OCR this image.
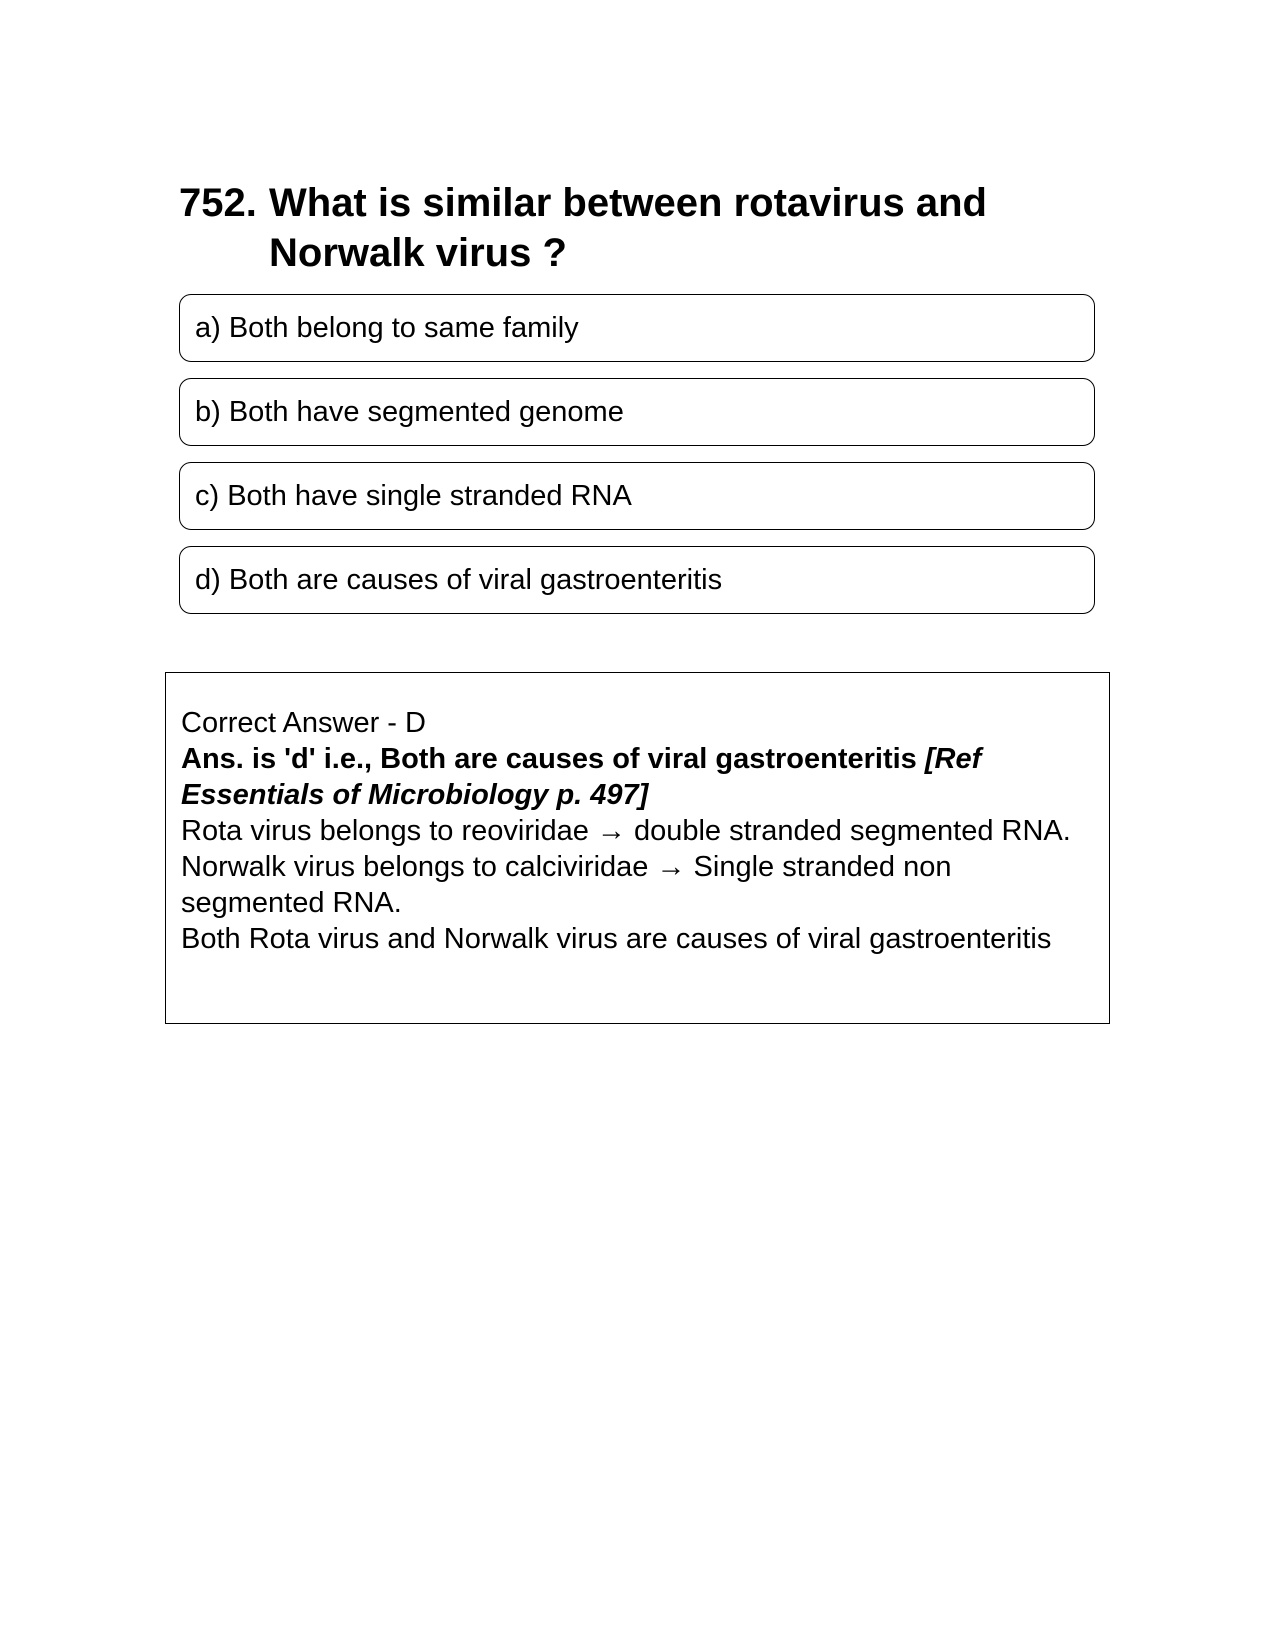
752. What is similar between rotavirus and Norwalk virus ?
a) Both belong to same family
b) Both have segmented genome
c) Both have single stranded RNA
d) Both are causes of viral gastroenteritis

Correct Answer - D

Ans. is 'd' i.e., Both are causes of viral gastroenteritis [Ref Essentials of Microbiology p. 497]

Rota virus belongs to reoviridae → double stranded segmented RNA.

Norwalk virus belongs to calciviridae → Single stranded non segmented RNA.

Both Rota virus and Norwalk virus are causes of viral gastroenteritis
